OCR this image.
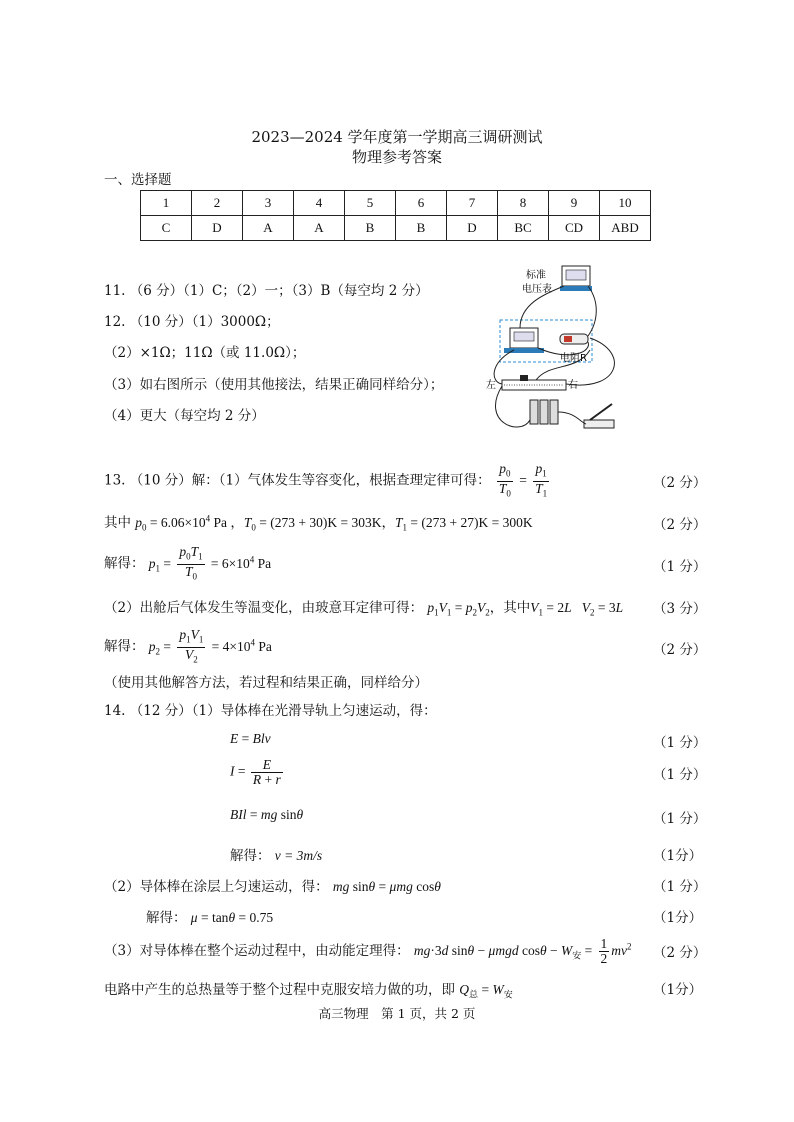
2023—2024 学年度第一学期高三调研测试
物理参考答案
一、选择题
1	2	3	4	5	6	7	8	9	10
C	D	A	A	B	B	D	BC	CD	ABD
11. （6 分）（1）C；（2）一；（3）B（每空均 2 分）
12. （10 分）（1）3000Ω；
（2）×1Ω；11Ω（或 11.0Ω）；
（3）如右图所示（使用其他接法，结果正确同样给分）；
（4）更大（每空均 2 分）
标准
电压表
电阻R
左	右
13. （10 分）解：（1）气体发生等容变化，根据查理定律可得： $\frac{p_0}{T_0} = \frac{p_1}{T_1}$	（2 分）
其中 $p_0 = 6.06\times 10^4$ Pa ，$T_0 = (273 + 30)K = 303K$，$T_1 = (273 + 27)K = 300K$	（2 分）
解得： $p_1 = \frac{p_0T_1}{T_0} = 6\times 10^4$ Pa	（1 分）
（2）出舱后气体发生等温变化，由玻意耳定律可得： $p_1V_1 = p_2V_2$，其中$V_1 = 2L$ $V_2 = 3L$ （3 分）
解得： $p_2 = \frac{p_1V_1}{V_2} = 4\times 10^4$ Pa	（2 分）
（使用其他解答方法，若过程和结果正确，同样给分）
14. （12 分）（1）导体棒在光滑导轨上匀速运动，得：
E = Blv	（1 分）
$I = \frac{E}{R + r}$	（1 分）
BIl = mg sinθ	（1 分）
解得： v = 3m/s	（1分）
（2）导体棒在涂层上匀速运动，得： mg sinθ = μmg cosθ	（1 分）
解得： μ = tanθ = 0.75	（1分）
（3）对导体棒在整个运动过程中，由动能定理得： mg·3d sinθ − μmgd $\cos\theta - W_安 = \frac{1}{2} mv^2$ （2 分）
电路中产生的总热量等于整个过程中克服安培力做的功，即 $Q_总 = W_安$	（1分）
高三物理　第 1 页，共 2 页
